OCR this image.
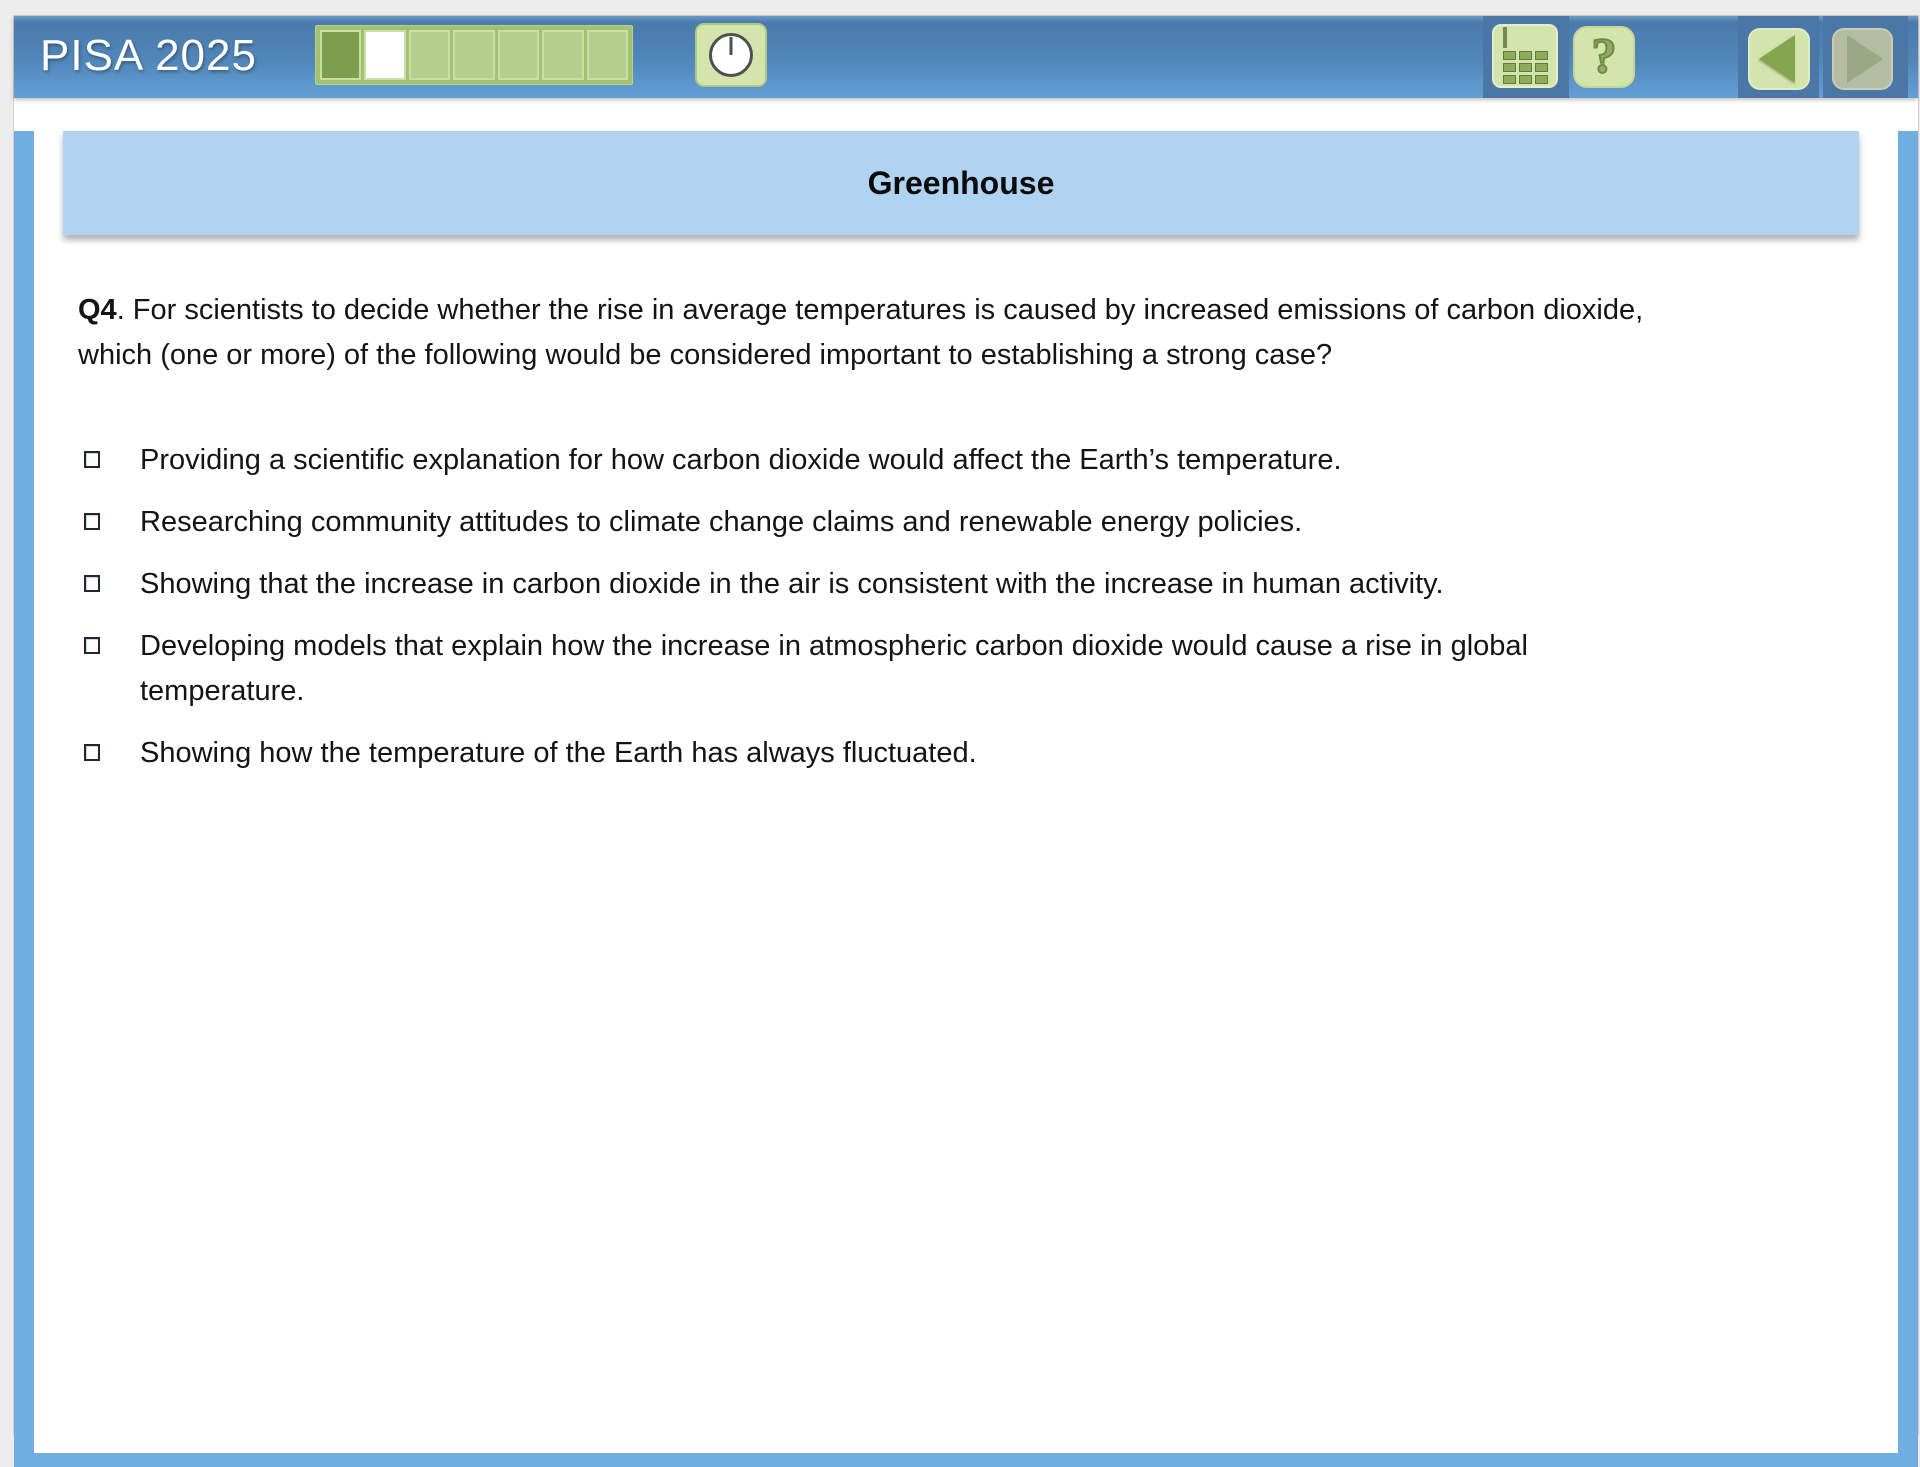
PISA 2025	?
Greenhouse

Q4. For scientists to decide whether the rise in average temperatures is caused by increased emissions of carbon dioxide, which (one or more) of the following would be considered important to establishing a strong case?

Providing a scientific explanation for how carbon dioxide would affect the Earth’s temperature.
Researching community attitudes to climate change claims and renewable energy policies.
Showing that the increase in carbon dioxide in the air is consistent with the increase in human activity.
Developing models that explain how the increase in atmospheric carbon dioxide would cause a rise in global temperature.
Showing how the temperature of the Earth has always fluctuated.
